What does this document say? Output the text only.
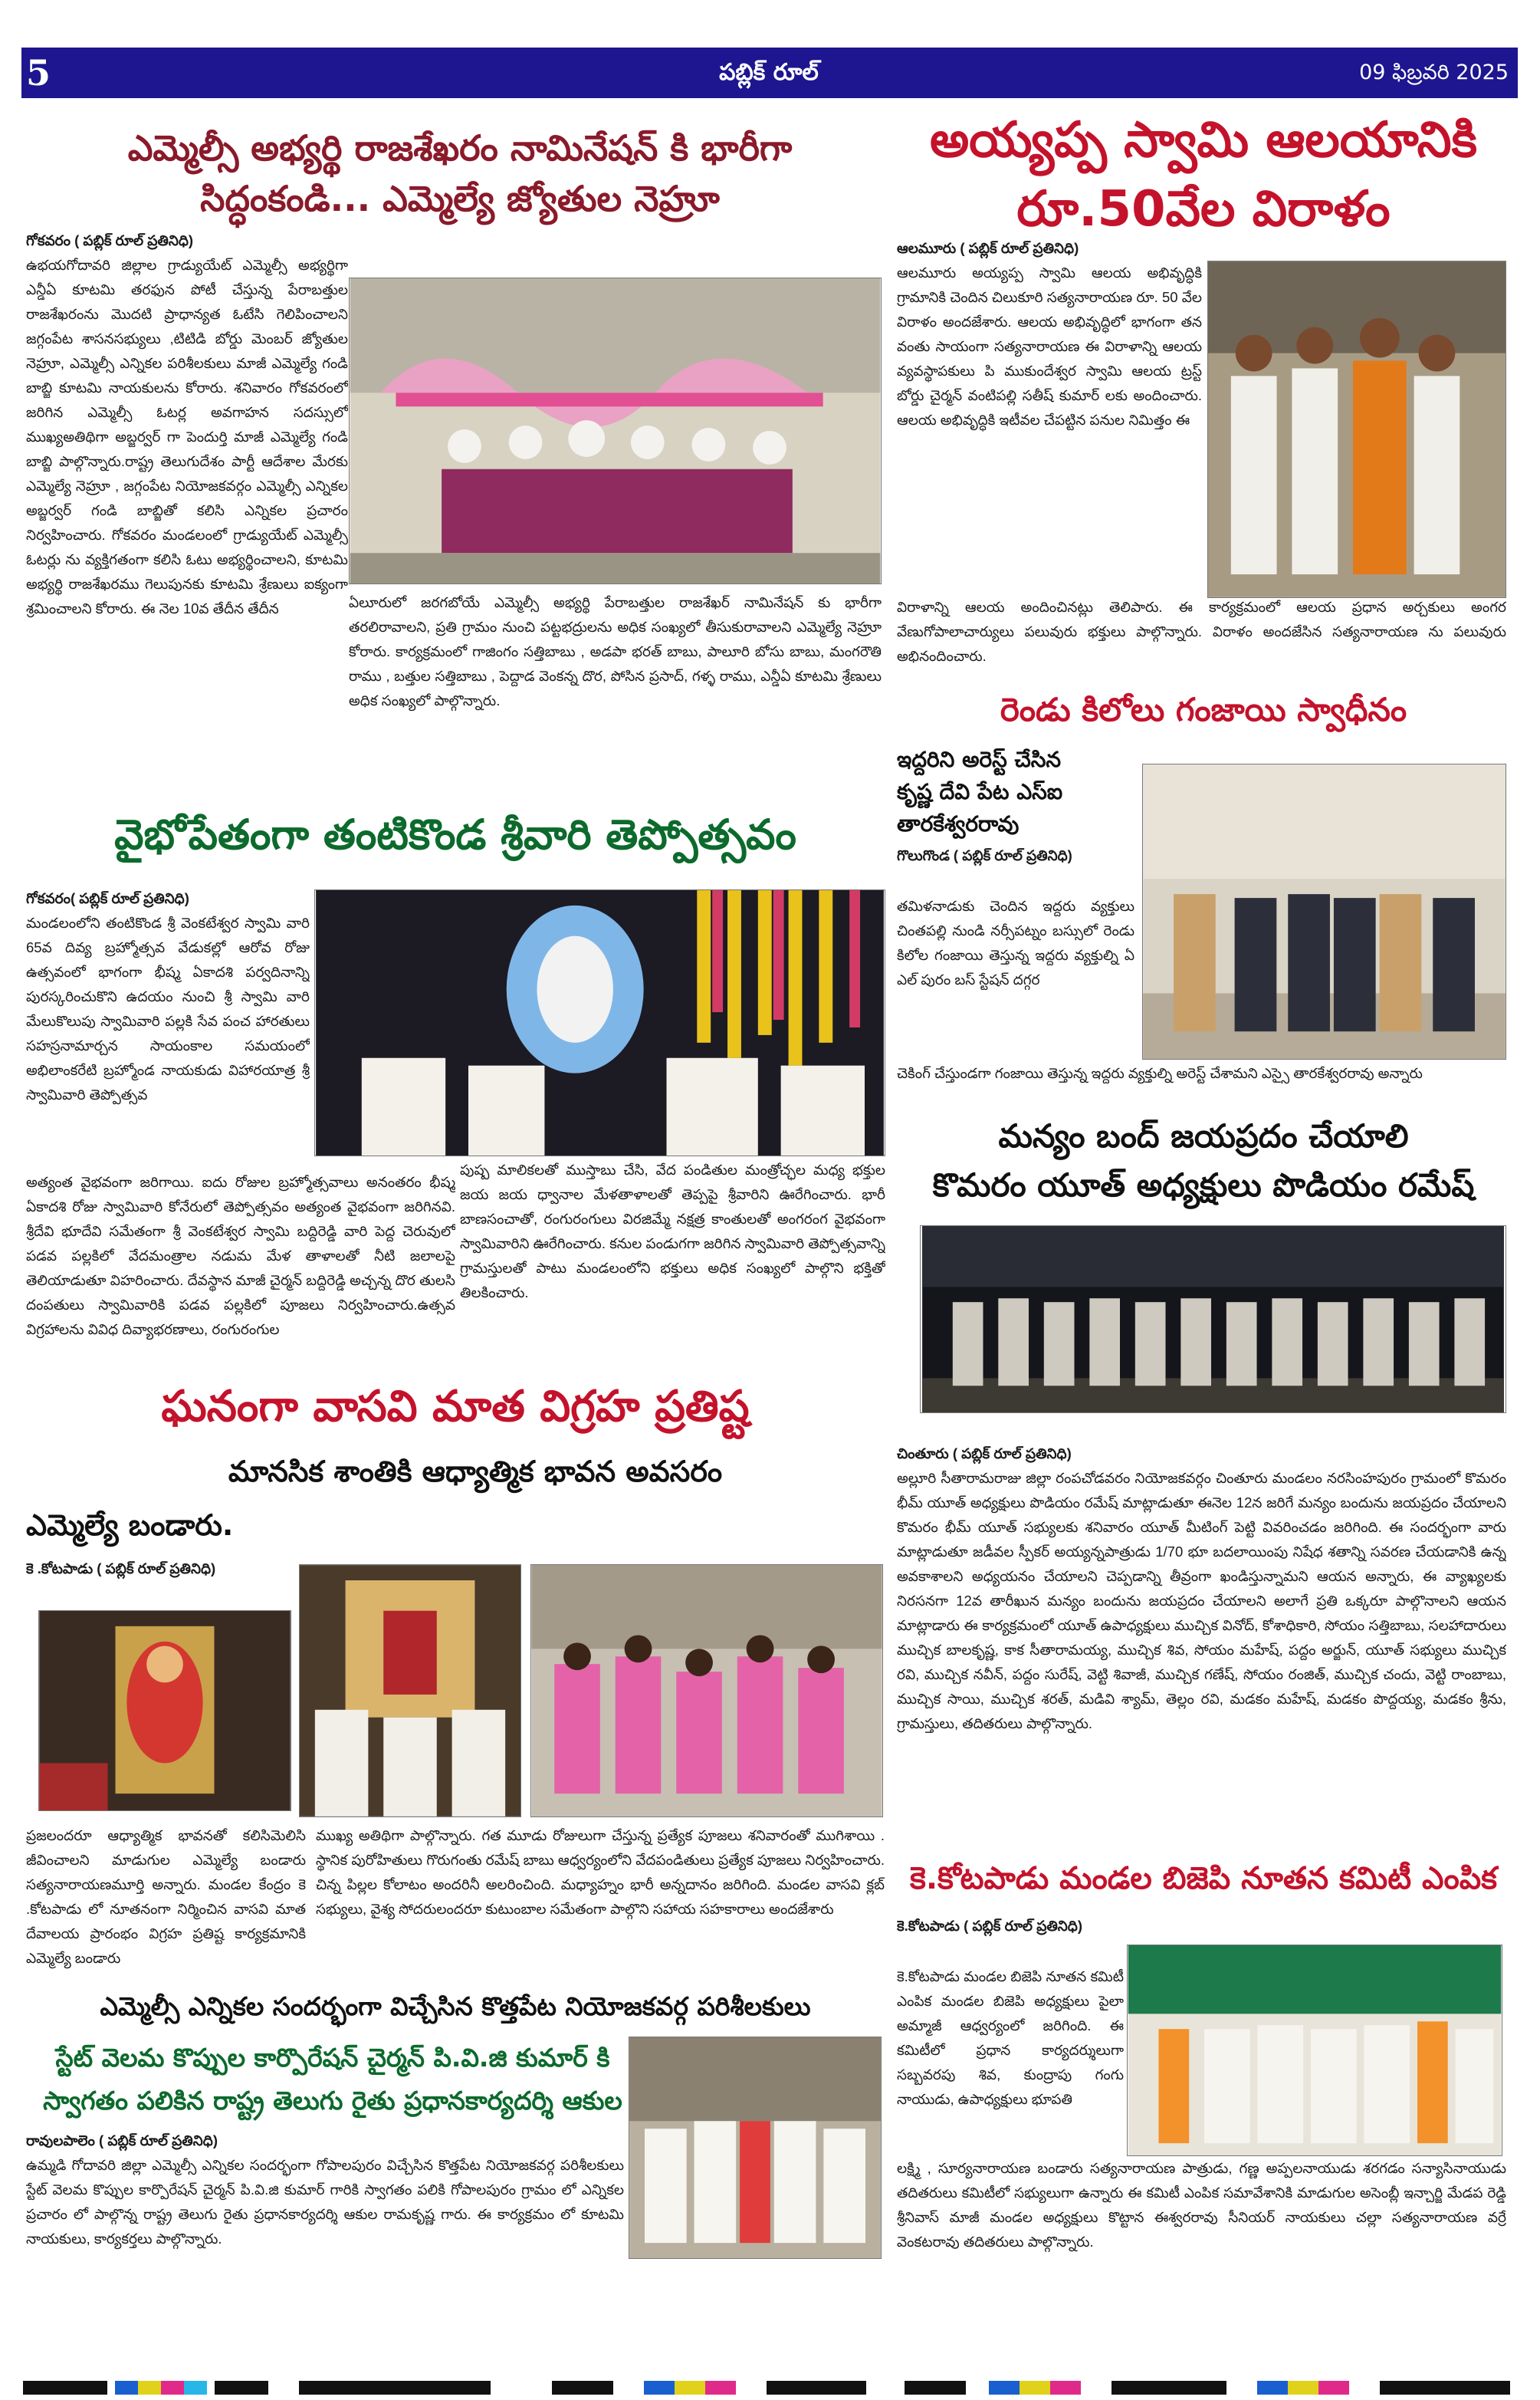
5	పబ్లిక్ రూల్	09 ఫిబ్రవరి 2025
ఎమ్మెల్సీ అభ్యర్థి రాజశేఖరం నామినేషన్ కి భారీగా
సిద్ధంకండి... ఎమ్మెల్యే జ్యోతుల నెహ్రూ
గోకవరం ( పబ్లిక్ రూల్ ప్రతినిధి)
ఉభయగోదావరి జిల్లాల గ్రాడ్యుయేట్ ఎమ్మెల్సీ అభ్యర్థిగా ఎన్డీఏ కూటమి తరఫున పోటీ చేస్తున్న పేరాబత్తుల రాజశేఖరంను మొదటి ప్రాధాన్యత ఓటేసి గెలిపించాలని జగ్గంపేట శాసనసభ్యులు ,టిటిడి బోర్డు మెంబర్ జ్యోతుల నెహ్రూ, ఎమ్మెల్సీ ఎన్నికల పరిశీలకులు మాజీ ఎమ్మెల్యే గండి బాబ్జి కూటమి నాయకులను కోరారు. శనివారం గోకవరంలో జరిగిన ఎమ్మెల్సీ ఓటర్ల అవగాహన సదస్సులో ముఖ్యఅతిథిగా అబ్జర్వర్ గా పెందుర్తి మాజీ ఎమ్మెల్యే గండి బాబ్జి పాల్గొన్నారు.రాష్ట్ర తెలుగుదేశం పార్టీ ఆదేశాల మేరకు ఎమ్మెల్యే నెహ్రూ , జగ్గంపేట నియోజకవర్గం ఎమ్మెల్సీ ఎన్నికల అబ్జర్వర్ గండి బాబ్జితో కలిసి ఎన్నికల ప్రచారం నిర్వహించారు. గోకవరం మండలంలో గ్రాడ్యుయేట్ ఎమ్మెల్సీ ఓటర్లు ను వ్యక్తిగతంగా కలిసి ఓటు అభ్యర్థించాలని, కూటమి అభ్యర్థి రాజశేఖరము గెలుపునకు కూటమి శ్రేణులు ఐక్యంగా శ్రమించాలని కోరారు. ఈ నెల 10వ తేదీన తేదీన	ఏలూరులో జరగబోయే ఎమ్మెల్సీ అభ్యర్థి పేరాబత్తుల రాజశేఖర్ నామినేషన్ కు భారీగా తరలిరావాలని, ప్రతి గ్రామం నుంచి పట్టభద్రులను అధిక సంఖ్యలో తీసుకురావాలని ఎమ్మెల్యే నెహ్రూ కోరారు. కార్యక్రమంలో గాజింగం సత్తిబాబు , అడపా భరత్ బాబు, పాలూరి బోసు బాబు, మంగరౌతి రాము , బత్తుల సత్తిబాబు , పెద్దాడ వెంకన్న దొర, పోసిన ప్రసాద్, గళ్ళ రాము, ఎన్డీఏ కూటమి శ్రేణులు అధిక సంఖ్యలో పాల్గొన్నారు.
అయ్యప్ప స్వామి ఆలయానికి
రూ.50వేల విరాళం
ఆలమూరు ( పబ్లిక్ రూల్ ప్రతినిధి)
ఆలమూరు అయ్యప్ప స్వామి ఆలయ అభివృద్ధికి గ్రామానికి చెందిన చిలుకూరి సత్యనారాయణ రూ. 50 వేల విరాళం అందజేశారు. ఆలయ అభివృద్ధిలో భాగంగా తన వంతు సాయంగా సత్యనారాయణ ఈ విరాళాన్ని ఆలయ వ్యవస్థాపకులు పి ముకుందేశ్వర స్వామి ఆలయ ట్రస్ట్ బోర్డు చైర్మన్ వంటిపల్లి సతీష్ కుమార్ లకు అందించారు. ఆలయ అభివృద్ధికి ఇటీవల చేపట్టిన పనుల నిమిత్తం ఈ
విరాళాన్ని ఆలయ అందించినట్లు తెలిపారు. ఈ కార్యక్రమంలో ఆలయ ప్రధాన అర్చకులు అంగర వేణుగోపాలాచార్యులు పలువురు భక్తులు పాల్గొన్నారు. విరాళం అందజేసిన సత్యనారాయణ ను పలువురు అభినందించారు.
రెండు కిలోలు గంజాయి స్వాధీనం
ఇద్దరిని అరెస్ట్ చేసిన
కృష్ణ దేవి పేట ఎస్ఐ
తారకేశ్వరరావు
గొలుగొండ ( పబ్లిక్ రూల్ ప్రతినిధి)
తమిళనాడుకు చెందిన ఇద్దరు వ్యక్తులు చింతపల్లి నుండి నర్సీపట్నం బస్సులో రెండు కిలోల గంజాయి తెస్తున్న ఇద్దరు వ్యక్తుల్ని ఏ ఎల్ పురం బస్ స్టేషన్ దగ్గర
చెకింగ్ చేస్తుండగా గంజాయి తెస్తున్న ఇద్దరు వ్యక్తుల్ని అరెస్ట్ చేశామని ఎస్సై తారకేశ్వరరావు అన్నారు
వైభోపేతంగా తంటికొండ శ్రీవారి తెప్పోత్సవం
గోకవరం( పబ్లిక్ రూల్ ప్రతినిధి)
మండలంలోని తంటికొండ శ్రీ వెంకటేశ్వర స్వామి వారి 65వ దివ్య బ్రహ్మోత్సవ వేడుకల్లో ఆరోవ రోజు ఉత్సవంలో భాగంగా భీష్మ ఏకాదశి పర్వదినాన్ని పురస్కరించుకొని ఉదయం నుంచి శ్రీ స్వామి వారి మేలుకొలుపు స్వామివారి పల్లకి సేవ పంచ హారతులు సహస్రనామార్చన సాయంకాల సమయంలో అభిలాంకరేటి బ్రహ్మోండ నాయకుడు విహారయాత్ర శ్రీ స్వామివారి తెప్పోత్సవ
అత్యంత వైభవంగా జరిగాయి. ఐదు రోజుల బ్రహ్మోత్సవాలు అనంతరం భీష్మ ఏకాదశి రోజు స్వామివారి కోనేరులో తెప్పోత్సవం అత్యంత వైభవంగా జరిగినవి. శ్రీదేవి భూదేవి సమేతంగా శ్రీ వెంకటేశ్వర స్వామి బద్దిరెడ్డి వారి పెద్ద చెరువులో పడవ పల్లకిలో వేదమంత్రాల నడుమ మేళ తాళాలతో నీటి జలాలపై తెలియాడుతూ విహరించారు. దేవస్థాన మాజీ చైర్మన్ బద్దిరెడ్డి అచ్చన్న దొర తులసి దంపతులు స్వామివారికి పడవ పల్లకిలో పూజలు నిర్వహించారు.ఉత్సవ విగ్రహాలను వివిధ దివ్యాభరణాలు, రంగురంగుల
పుష్ప మాలికలతో ముస్తాబు చేసి, వేద పండితుల మంత్రోచ్ఛల మధ్య భక్తుల జయ జయ ధ్వానాల మేళతాళాలతో తెప్పపై శ్రీవారిని ఊరేగించారు. భారీ బాణసంచాతో, రంగురంగులు విరజిమ్మే నక్షత్ర కాంతులతో అంగరంగ వైభవంగా స్వామివారిని ఊరేగించారు. కనుల పండుగగా జరిగిన స్వామివారి తెప్పోత్సవాన్ని గ్రామస్తులతో పాటు మండలంలోని భక్తులు అధిక సంఖ్యలో పాల్గొని భక్తితో తిలకించారు.
మన్యం బంద్ జయప్రదం చేయాలి
కొమరం యూత్ అధ్యక్షులు పొడియం రమేష్
చింతూరు ( పబ్లిక్ రూల్ ప్రతినిధి)
అల్లూరి సీతారామరాజు జిల్లా రంపచోడవరం నియోజకవర్గం చింతూరు మండలం నరసింహపురం గ్రామంలో కొమరం భీమ్ యూత్ అధ్యక్షులు పొడియం రమేష్ మాట్లాడుతూ ఈనెల 12న జరిగే మన్యం బందును జయప్రదం చేయాలని కొమరం భీమ్ యూత్ సభ్యులకు శనివారం యూత్ మీటింగ్ పెట్టి వివరించడం జరిగింది. ఈ సందర్భంగా వారు మాట్లాడుతూ జడీవల స్పీకర్ అయ్యన్నపాత్రుడు 1/70 భూ బదలాయింపు నిషేధ శతాన్ని సవరణ చేయడానికి ఉన్న అవకాశాలని అధ్యయనం చేయాలని చెప్పడాన్ని తీవ్రంగా ఖండిస్తున్నామని ఆయన అన్నారు, ఈ వ్యాఖ్యలకు నిరసనగా 12వ తారీఖున మన్యం బందును జయప్రదం చేయాలని అలాగే ప్రతి ఒక్కరూ పాల్గొనాలని ఆయన మాట్లాడారు ఈ కార్యక్రమంలో యూత్ ఉపాధ్యక్షులు ముచ్చిక వినోద్, కోశాధికారి, సోయం సత్తిబాబు, సలహాదారులు ముచ్చిక బాలకృష్ణ, కాక సీతారామయ్య, ముచ్చిక శివ, సోయం మహేష్, పద్దం అర్జున్, యూత్ సభ్యులు ముచ్చిక రవి, ముచ్చిక నవీన్, పద్దం సురేష్, వెట్టి శివాజీ, ముచ్చిక గణేష్, సోయం రంజిత్, ముచ్చిక చందు, వెట్టి రాంబాబు, ముచ్చిక సాయి, ముచ్చిక శరత్, మడివి శ్యామ్, తెల్లం రవి, మడకం మహేష్, మడకం పొద్దయ్య, మడకం శ్రీను, గ్రామస్తులు, తదితరులు పాల్గొన్నారు.
ఘనంగా వాసవి మాత విగ్రహ ప్రతిష్ట
మానసిక శాంతికి ఆధ్యాత్మిక భావన అవసరం
ఎమ్మెల్యే బండారు.
కె .కోటపాడు ( పబ్లిక్ రూల్ ప్రతినిధి)
ప్రజలందరూ ఆధ్యాత్మిక భావనతో కలిసిమెలిసి జీవించాలని మాడుగుల ఎమ్మెల్యే బండారు సత్యనారాయణమూర్తి అన్నారు. మండల కేంద్రం కె .కోటపాడు లో నూతనంగా నిర్మించిన వాసవి మాత దేవాలయ ప్రారంభం విగ్రహ ప్రతిష్ట కార్యక్రమానికి ఎమ్మెల్యే బండారు
ముఖ్య అతిథిగా పాల్గొన్నారు. గత మూడు రోజులుగా చేస్తున్న ప్రత్యేక పూజలు శనివారంతో ముగిశాయి . స్థానిక పురోహితులు గొరుగంతు రమేష్ బాబు ఆధ్వర్యంలోని వేదపండితులు ప్రత్యేక పూజలు నిర్వహించారు. చిన్న పిల్లల కోలాటం అందరినీ అలరించింది. మధ్యాహ్నం భారీ అన్నదానం జరిగింది. మండల వాసవి క్లబ్ సభ్యులు, వైశ్య సోదరులందరూ కుటుంబాల సమేతంగా పాల్గొని సహాయ సహకారాలు అందజేశారు
కె.కోటపాడు మండల బిజెపి నూతన కమిటీ ఎంపిక
కె.కోటపాడు ( పబ్లిక్ రూల్ ప్రతినిధి)
కె.కోటపాడు మండల బిజెపి నూతన కమిటీ ఎంపిక మండల బిజెపి అధ్యక్షులు పైలా అమ్మాజీ ఆధ్వర్యంలో జరిగింది. ఈ కమిటీలో ప్రధాన కార్యదర్శులుగా సబ్బవరపు శివ, కుంద్రాపు గంగు నాయుడు, ఉపాధ్యక్షులు భూపతి
లక్ష్మి , సూర్యనారాయణ బండారు సత్యనారాయణ పాత్రుడు, గణ్ణ అప్పలనాయుడు శరగడం సన్యాసినాయుడు తదితరులు కమిటీలో సభ్యులుగా ఉన్నారు ఈ కమిటీ ఎంపిక సమావేశానికి మాడుగుల అసెంబ్లీ ఇన్చార్జి మేడప రెడ్డి శ్రీనివాస్ మాజీ మండల అధ్యక్షులు కొట్టాన ఈశ్వరరావు సీనియర్ నాయకులు చల్లా సత్యనారాయణ వర్రే వెంకటరావు తదితరులు పాల్గొన్నారు.
ఎమ్మెల్సీ ఎన్నికల సందర్భంగా విచ్చేసిన కొత్తపేట నియోజకవర్గ పరిశీలకులు
స్టేట్ వెలమ కొప్పుల కార్పొరేషన్ చైర్మన్ పి.వి.జి కుమార్ కి
స్వాగతం పలికిన రాష్ట్ర తెలుగు రైతు ప్రధానకార్యదర్శి ఆకుల
రావులపాలెం ( పబ్లిక్ రూల్ ప్రతినిధి)
ఉమ్మడి గోదావరి జిల్లా ఎమ్మెల్సీ ఎన్నికల సందర్భంగా గోపాలపురం విచ్చేసిన కొత్తపేట నియోజకవర్గ పరిశీలకులు స్టేట్ వెలమ కొప్పుల కార్పొరేషన్ చైర్మన్ పి.వి.జి కుమార్ గారికి స్వాగతం పలికి గోపాలపురం గ్రామం లో ఎన్నికల ప్రచారం లో పాల్గొన్న రాష్ట్ర తెలుగు రైతు ప్రధానకార్యదర్శి ఆకుల రామకృష్ణ గారు. ఈ కార్యక్రమం లో కూటమి నాయకులు, కార్యకర్తలు పాల్గొన్నారు.
